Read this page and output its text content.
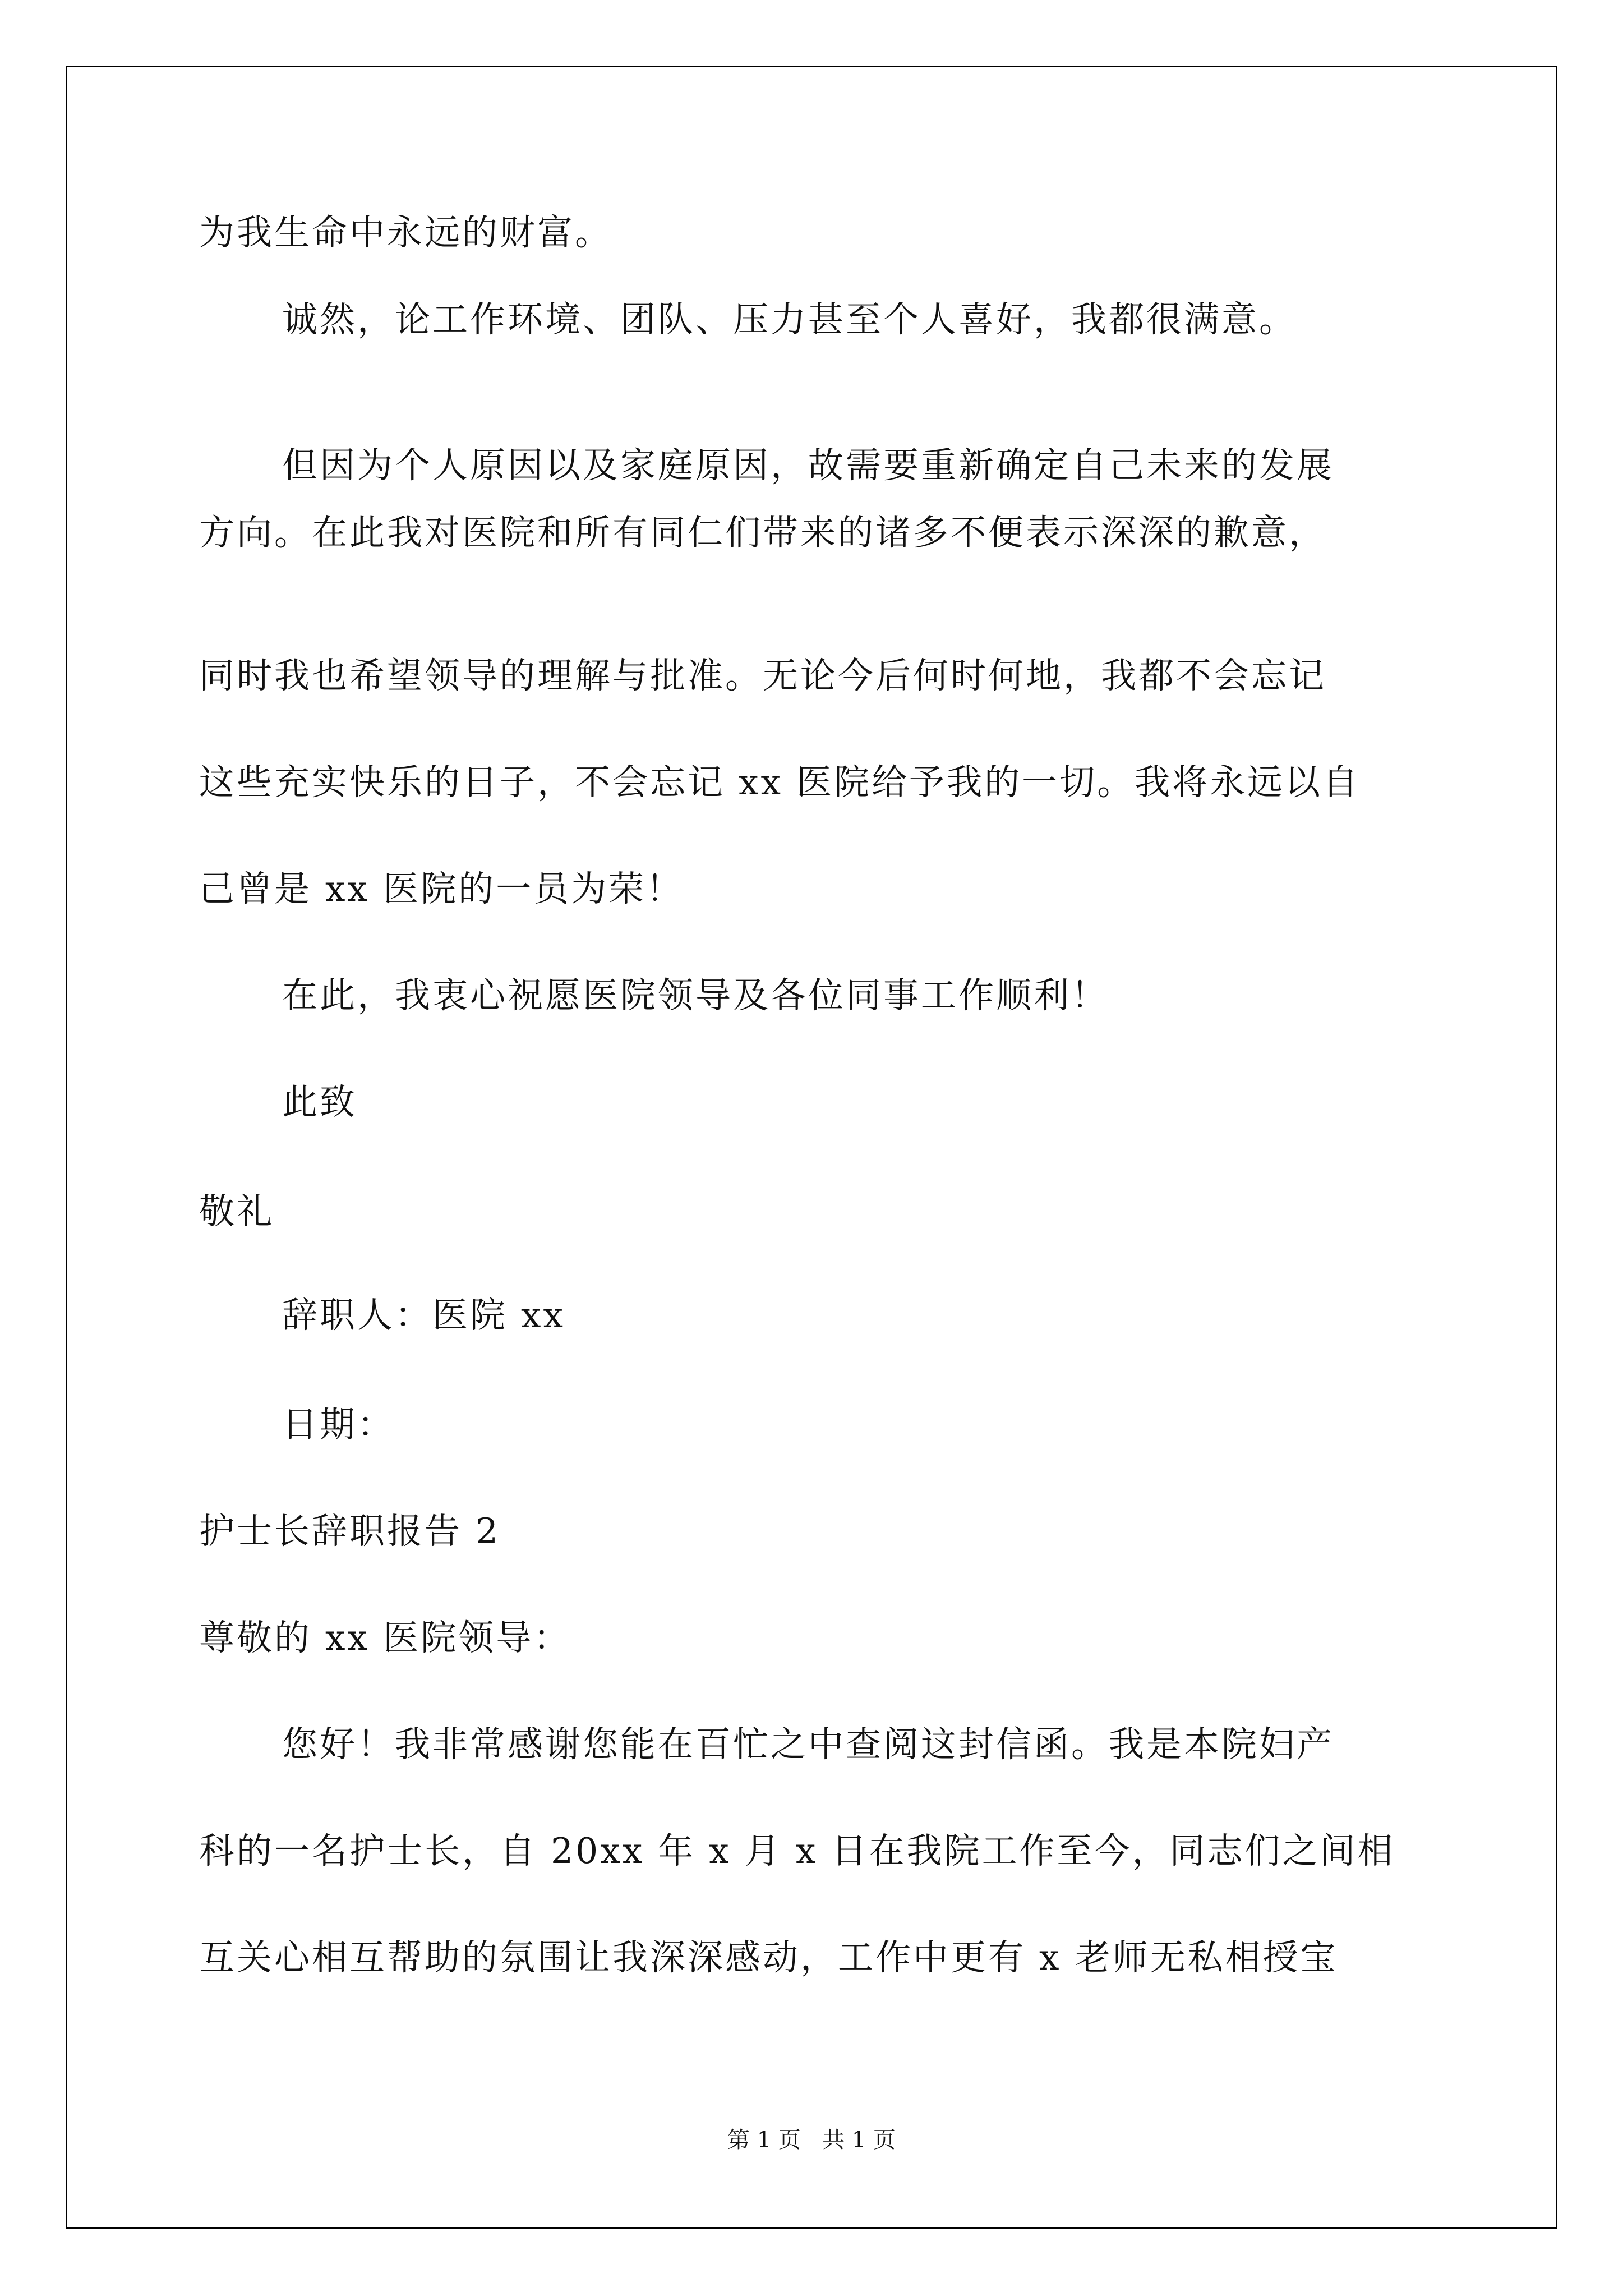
为我生命中永远的财富。
诚然，论工作环境、团队、压力甚至个人喜好，我都很满意。
但因为个人原因以及家庭原因，故需要重新确定自己未来的发展
方向。在此我对医院和所有同仁们带来的诸多不便表示深深的歉意，
同时我也希望领导的理解与批准。无论今后何时何地，我都不会忘记
这些充实快乐的日子，不会忘记 xx 医院给予我的一切。我将永远以自
己曾是 xx 医院的一员为荣！
在此，我衷心祝愿医院领导及各位同事工作顺利！
此致
敬礼
辞职人：医院 xx
日期：
护士长辞职报告 2
尊敬的 xx 医院领导：
您好！我非常感谢您能在百忙之中查阅这封信函。我是本院妇产
科的一名护士长，自 20xx 年 x 月 x 日在我院工作至今，同志们之间相
互关心相互帮助的氛围让我深深感动，工作中更有 x 老师无私相授宝
第 1 页   共 1 页
